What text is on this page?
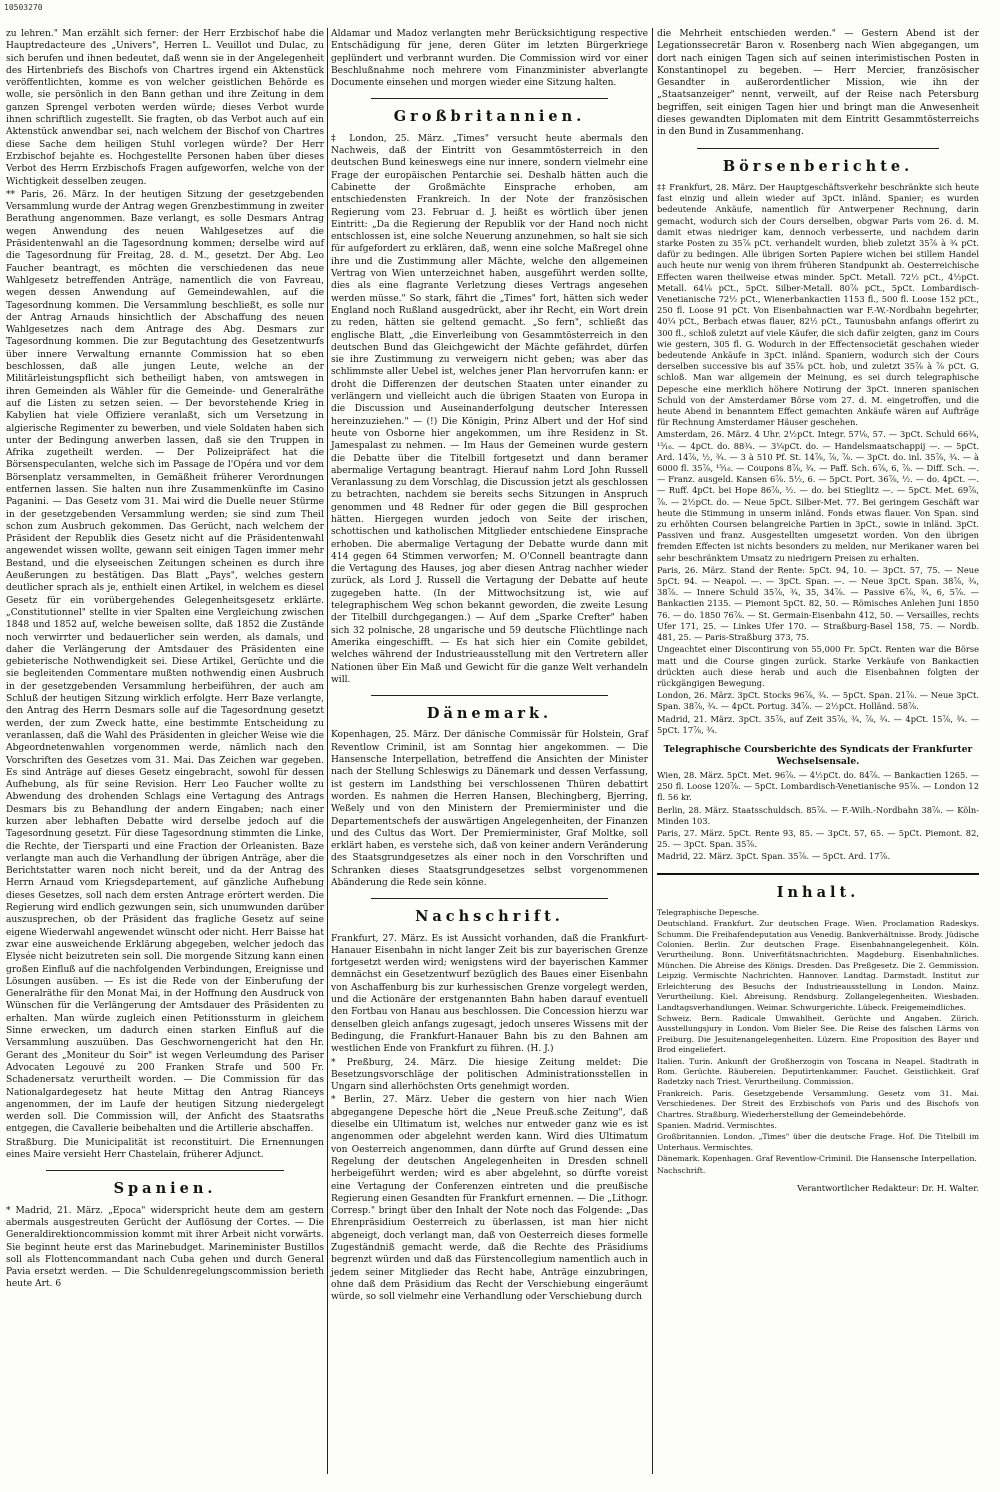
10503270

zu lehren." Man erzählt sich ferner: der Herr Erzbischof habe die Hauptredacteure des „Univers", Herren L. Veuillot und Dulac, zu sich berufen und ihnen bedeutet, daß wenn sie in der Angelegenheit des Hirtenbriefs des Bischofs von Chartres irgend ein Aktenstück veröffentlichten, komme es von welcher geistlichen Behörde es wolle, sie persönlich in den Bann gethan und ihre Zeitung in dem ganzen Sprengel verboten werden würde; dieses Verbot wurde ihnen schriftlich zugestellt. Sie fragten, ob das Verbot auch auf ein Aktenstück anwendbar sei, nach welchem der Bischof von Chartres diese Sache dem heiligen Stuhl vorlegen würde? Der Herr Erzbischof bejahte es. Hochgestellte Personen haben über dieses Verbot des Herrn Erzbischofs Fragen aufgeworfen, welche von der Wichtigkeit desselben zeugen.

** Paris, 26. März. In der heutigen Sitzung der gesetzgebenden Versammlung wurde der Antrag wegen Grenzbestimmung in zweiter Berathung angenommen. Baze verlangt, es solle Desmars Antrag wegen Anwendung des neuen Wahlgesetzes auf die Präsidentenwahl an die Tagesordnung kommen; derselbe wird auf die Tagesordnung für Freitag, 28. d. M., gesetzt. Der Abg. Leo Faucher beantragt, es möchten die verschiedenen das neue Wahlgesetz betreffenden Anträge, namentlich die von Favreau, wegen dessen Anwendung auf Gemeindewahlen, auf die Tagesordnung kommen. Die Versammlung beschließt, es solle nur der Antrag Arnauds hinsichtlich der Abschaffung des neuen Wahlgesetzes nach dem Antrage des Abg. Desmars zur Tagesordnung kommen. Die zur Begutachtung des Gesetzentwurfs über innere Verwaltung ernannte Commission hat so eben beschlossen, daß alle jungen Leute, welche an der Militärleistungspflicht sich betheiligt haben, von amtswegen in ihren Gemeinden als Wähler für die Gemeinde- und Generalräthe auf die Listen zu setzen seien. — Der bevorstehende Krieg in Kabylien hat viele Offiziere veranlaßt, sich um Versetzung in algierische Regimenter zu bewerben, und viele Soldaten haben sich unter der Bedingung anwerben lassen, daß sie den Truppen in Afrika zugetheilt werden. — Der Polizeipräfect hat die Börsenspeculanten, welche sich im Passage de l'Opéra und vor dem Börsenplatz versammelten, in Gemäßheit früherer Verordnungen entfernen lassen. Sie halten nun ihre Zusammenkünfte im Casino Paganini. — Das Gesetz vom 31. Mai wird die Duelle neuer Stürme in der gesetzgebenden Versammlung werden; sie sind zum Theil schon zum Ausbruch gekommen. Das Gerücht, nach welchem der Präsident der Republik dies Gesetz nicht auf die Präsidentenwahl angewendet wissen wollte, gewann seit einigen Tagen immer mehr Bestand, und die elyseeischen Zeitungen scheinen es durch ihre Aeußerungen zu bestätigen. Das Blatt „Pays", welches gestern deutlicher sprach als je, enthielt einen Artikel, in welchem es diesel Gesetz für ein vorübergehendes Gelegenheitsgesetz erklärte. „Constitutionnel" stellte in vier Spalten eine Vergleichung zwischen 1848 und 1852 auf, welche beweisen sollte, daß 1852 die Zustände noch verwirrter und bedauerlicher sein werden, als damals, und daher die Verlängerung der Amtsdauer des Präsidenten eine gebieterische Nothwendigkeit sei. Diese Artikel, Gerüchte und die sie begleitenden Commentare mußten nothwendig einen Ausbruch in der gesetzgebenden Versammlung herbeiführen, der auch am Schluß der heutigen Sitzung wirklich erfolgte. Herr Baze verlangte, den Antrag des Herrn Desmars solle auf die Tagesordnung gesetzt werden, der zum Zweck hatte, eine bestimmte Entscheidung zu veranlassen, daß die Wahl des Präsidenten in gleicher Weise wie die Abgeordnetenwahlen vorgenommen werde, nämlich nach den Vorschriften des Gesetzes vom 31. Mai. Das Zeichen war gegeben. Es sind Anträge auf dieses Gesetz eingebracht, sowohl für dessen Aufhebung, als für seine Revision. Herr Leo Faucher wollte zu Abwendung des drohenden Schlags eine Vertagung des Antrags Desmars bis zu Behandlung der andern Eingaben; nach einer kurzen aber lebhaften Debatte wird derselbe jedoch auf die Tagesordnung gesetzt. Für diese Tagesordnung stimmten die Linke, die Rechte, der Tiersparti und eine Fraction der Orleanisten. Baze verlangte man auch die Verhandlung der übrigen Anträge, aber die Berichtstatter waren noch nicht bereit, und da der Antrag des Herrn Arnaud vom Kriegsdepartement, auf gänzliche Aufhebung dieses Gesetzes, soll nach dem ersten Antrage erörtert werden. Die Regierung wird endlich gezwungen sein, sich unumwunden darüber auszusprechen, ob der Präsident das fragliche Gesetz auf seine eigene Wiederwahl angewendet wünscht oder nicht. Herr Baisse hat zwar eine ausweichende Erklärung abgegeben, welcher jedoch das Elysée nicht beizutreten sein soll. Die morgende Sitzung kann einen großen Einfluß auf die nachfolgenden Verbindungen, Ereignisse und Lösungen ausüben. — Es ist die Rede von der Einberufung der Generalräthe für den Monat Mai, in der Hoffnung den Ausdruck von Wünschen für die Verlängerung der Amtsdauer des Präsidenten zu erhalten. Man würde zugleich einen Petitionssturm in gleichem Sinne erwecken, um dadurch einen starken Einfluß auf die Versammlung auszuüben. Das Geschwornengericht hat den Hr. Gerant des „Moniteur du Soir" ist wegen Verleumdung des Pariser Advocaten Legouvé zu 200 Franken Strafe und 500 Fr. Schadenersatz verurtheilt worden. — Die Commission für das Nationalgardegesetz hat heute Mittag den Antrag Rianceys angenommen, der im Laufe der heutigen Sitzung niedergelegt werden soll. Die Commission will, der Anficht des Staatsraths entgegen, die Cavallerie beibehalten und die Artillerie abschaffen.

Straßburg. Die Municipalität ist reconstituirt. Die Ernennungen eines Maire versieht Herr Chastelain, früherer Adjunct.

Spanien.

* Madrid, 21. März. „Epoca" widerspricht heute dem am gestern abermals ausgestreuten Gerücht der Auflösung der Cortes. — Die Generaldirektioncommission kommt mit ihrer Arbeit nicht vorwärts. Sie beginnt heute erst das Marinebudget. Marineminister Bustillos soll als Flottencommandant nach Cuba gehen und durch General Pavia ersetzt werden. — Die Schuldenregelungscommission berieth heute Art. 6

Aldamar und Madoz verlangten mehr Berücksichtigung respective Entschädigung für jene, deren Güter im letzten Bürgerkriege geplündert und verbrannt wurden. Die Commission wird vor einer Beschlußnahme noch mehrere vom Finanzminister abverlangte Documente einsehen und morgen wieder eine Sitzung halten.

Großbritannien.

‡ London, 25. März. „Times" versucht heute abermals den Nachweis, daß der Eintritt von Gesammtösterreich in den deutschen Bund keineswegs eine nur innere, sondern vielmehr eine Frage der europäischen Pentarchie sei. Deshalb hätten auch die Cabinette der Großmächte Einsprache erhoben, am entschiedensten Frankreich. In der Note der französischen Regierung vom 23. Februar d. J. heißt es wörtlich über jenen Eintritt: „Da die Regierung der Republik vor der Hand noch nicht entschlossen ist, eine solche Neuerung anzunehmen, so halt sie sich für aufgefordert zu erklären, daß, wenn eine solche Maßregel ohne ihre und die Zustimmung aller Mächte, welche den allgemeinen Vertrag von Wien unterzeichnet haben, ausgeführt werden sollte, dies als eine flagrante Verletzung dieses Vertrags angesehen werden müsse." So stark, fährt die „Times" fort, hätten sich weder England noch Rußland ausgedrückt, aber ihr Recht, ein Wort drein zu reden, hätten sie geltend gemacht. „So fern", schließt das englische Blatt, „die Einverleibung von Gesammtösterreich in den deutschen Bund das Gleichgewicht der Mächte gefährdet, dürfen sie ihre Zustimmung zu verweigern nicht geben; was aber das schlimmste aller Uebel ist, welches jener Plan hervorrufen kann: er droht die Differenzen der deutschen Staaten unter einander zu verlängern und vielleicht auch die übrigen Staaten von Europa in die Discussion und Auseinanderfolgung deutscher Interessen hereinzuziehen." — (!) Die Königin, Prinz Albert und der Hof sind heute von Osborne hier angekommen, um ihre Residenz in St. Jamespalast zu nehmen. — Im Haus der Gemeinen wurde gestern die Debatte über die Titelbill fortgesetzt und dann beramer abermalige Vertagung beantragt. Hierauf nahm Lord John Russell Veranlassung zu dem Vorschlag, die Discussion jetzt als geschlossen zu betrachten, nachdem sie bereits sechs Sitzungen in Anspruch genommen und 48 Redner für oder gegen die Bill gesprochen hätten. Hiergegen wurden jedoch von Seite der irischen, schottischen und katholischen Mitglieder entschiedene Einsprache erhoben. Die abermalige Vertagung der Debatte wurde dann mit 414 gegen 64 Stimmen verworfen; M. O'Connell beantragte dann die Vertagung des Hauses, jog aber diesen Antrag nachher wieder zurück, als Lord J. Russell die Vertagung der Debatte auf heute zugegeben hatte. (In der Mittwochsitzung ist, wie auf telegraphischem Weg schon bekannt geworden, die zweite Lesung der Titelbill durchgegangen.) — Auf dem „Sparke Crefter" haben sich 32 polnische, 28 ungarische und 59 deutsche Flüchtlinge nach Amerika eingeschifft. — Es hat sich hier ein Comite gebildet, welches während der Industrieausstellung mit den Vertretern aller Nationen über Ein Maß und Gewicht für die ganze Welt verhandeln will.

Dänemark.

Kopenhagen, 25. März. Der dänische Commissär für Holstein, Graf Reventlow Criminil, ist am Sonntag hier angekommen. — Die Hansensche Interpellation, betreffend die Ansichten der Minister nach der Stellung Schleswigs zu Dänemark und dessen Verfassung, ist gestern im Landsthing bei verschlossenen Thüren debattirt worden. Es nahmen die Herren Hansen, Blechingberg, Bjerring, Weßely und von den Ministern der Premierminister und die Departementschefs der auswärtigen Angelegenheiten, der Finanzen und des Cultus das Wort. Der Premierminister, Graf Moltke, soll erklärt haben, es verstehe sich, daß von keiner andern Veränderung des Staatsgrundgesetzes als einer noch in den Vorschriften und Schranken dieses Staatsgrundgesetzes selbst vorgenommenen Abänderung die Rede sein könne.

Nachschrift.

Frankfurt, 27. März. Es ist Aussicht vorhanden, daß die Frankfurt-Hanauer Eisenbahn in nicht langer Zeit bis zur bayerischen Grenze fortgesetzt werden wird; wenigstens wird der bayerischen Kammer demnächst ein Gesetzentwurf bezüglich des Baues einer Eisenbahn von Aschaffenburg bis zur kurhessischen Grenze vorgelegt werden, und die Actionäre der erstgenannten Bahn haben darauf eventuell den Fortbau von Hanau aus beschlossen. Die Concession hierzu war denselben gleich anfangs zugesagt, jedoch unseres Wissens mit der Bedingung, die Frankfurt-Hanauer Bahn bis zu den Bahnen am westlichen Ende von Frankfurt zu führen. (H. J.)

* Preßburg, 24. März. Die hiesige Zeitung meldet: Die Besetzungsvorschläge der politischen Administrationsstellen in Ungarn sind allerhöchsten Orts genehmigt worden.

* Berlin, 27. März. Ueber die gestern von hier nach Wien abgegangene Depesche hört die „Neue Preuß.sche Zeitung", daß dieselbe ein Ultimatum ist, welches nur entweder ganz wie es ist angenommen oder abgelehnt werden kann. Wird dies Ultimatum von Oesterreich angenommen, dann dürfte auf Grund dessen eine Regelung der deutschen Angelegenheiten in Dresden schnell herbeigeführt werden; wird es aber abgelehnt, so dürfte voreist eine Vertagung der Conferenzen eintreten und die preußische Regierung einen Gesandten für Frankfurt ernennen. — Die „Lithogr. Corresp." bringt über den Inhalt der Note noch das Folgende: „Das Ehrenpräsidium Oesterreich zu überlassen, ist man hier nicht abgeneigt, doch verlangt man, daß von Oesterreich dieses formelle Zugeständniß gemacht werde, daß die Rechte des Präsidiums begrenzt würden und daß das Fürstencollegium namentlich auch in jedem seiner Mitglieder das Recht habe, Anträge einzubringen, ohne daß dem Präsidium das Recht der Verschiebung eingeräumt würde, so soll vielmehr eine Verhandlung oder Verschiebung durch

die Mehrheit entschieden werden." — Gestern Abend ist der Legationssecretär Baron v. Rosenberg nach Wien abgegangen, um dort nach einigen Tagen sich auf seinen interimistischen Posten in Konstantinopel zu begeben. — Herr Mercier, französischer Gesandter in außerordentlicher Mission, wie ihn der „Staatsanzeiger" nennt, verweilt, auf der Reise nach Petersburg begriffen, seit einigen Tagen hier und bringt man die Anwesenheit dieses gewandten Diplomaten mit dem Eintritt Gesammtösterreichs in den Bund in Zusammenhang.

Börsenberichte.

‡‡ Frankfurt, 28. März. Der Hauptgeschäftsverkehr beschränkte sich heute fast einzig und allein wieder auf 3pCt. inländ. Spanier; es wurden bedeutende Ankäufe, namentlich für Antwerpener Rechnung, darin gemacht, wodurch sich der Cours derselben, obgwar Paris vom 26. d. M. damit etwas niedriger kam, dennoch verbesserte, und nachdem darin starke Posten zu 35⅞ pCt. verhandelt wurden, blieb zuletzt 35⅞ à ¾ pCt. dafür zu bedingen. Alle übrigen Sorten Papiere wichen bei stillem Handel auch heute nur wenig von ihrem früheren Standpunkt ab. Oesterreichische Effecten waren theilweise etwas minder. 5pCt. Metall. 72½ pCt., 4½pCt. Metall. 64⅛ pCt., 5pCt. Silber-Metall. 80⅞ pCt., 5pCt. Lombardisch-Venetianische 72½ pCt., Wienerbankactien 1153 fl., 500 fl. Loose 152 pCt., 250 fl. Loose 91 pCt. Von Eisenbahnactien war F.-W.-Nordbahn begehrter, 40¼ pCt., Berbach etwas flauer, 82½ pCt., Taunusbahn anfangs offerirt zu 300 fl., schloß zuletzt auf viele Käufer, die sich dafür zeigten, ganz im Cours wie gestern, 305 fl. G. Wodurch in der Effectensocietät geschahen wieder bedeutende Ankäufe in 3pCt. inländ. Spaniern, wodurch sich der Cours derselben successive bis auf 35⅞ pCt. hob, und zuletzt 35⅞ à ⅞ pCt. G. schloß. Man war allgemein der Meinung, es sei durch telegraphische Depesche eine merklich höhere Notirung der 3pCt. inneren spanischen Schuld von der Amsterdamer Börse vom 27. d. M. eingetroffen, und die heute Abend in benanntem Effect gemachten Ankäufe wären auf Aufträge für Rechnung Amsterdamer Häuser geschehen.

Amsterdam, 26. März. 4 Uhr. 2½pCt. Integr. 57⅛, 57. — 3pCt. Schuld 66¾, ¹⁵⁄₁₆. — 4pCt. do. 88¾. — 3¼pCt. do. — Handelsmaatschappij —. — 5pCt. Ard. 14⅞, ½, ¾. — 3 à 510 Pf. St. 14⅞, ⅞, ⅞. — 3pCt. do. inl. 35⅞, ¾. — à 6000 fl. 35⅞, ¹⁵⁄₁₆. — Coupons 8⅞, ¾. — Paff. Sch. 6⅞, 6, ⅞. — Diff. Sch. —. — Franz. ausgeld. Kansen 6⅞. 5½, 6. — 5pCt. Port. 36⅞, ½. — do. 4pCt. —. — Ruff. 4pCt. bei Hope 86⅞, ½. — do. bei Stieglitz —. — 5pCt. Met. 69⅞, ⅞. — 2½pCt. do. — Neue 5pCt. Silber-Met. 77. Bei geringem Geschäft war heute die Stimmung in unserm inländ. Fonds etwas flauer. Von Span. sind zu erhöhten Coursen belangreiche Partien in 3pCt., sowie in inländ. 3pCt. Passiven und franz. Ausgestellten umgesetzt worden. Von den übrigen fremden Effecten ist nichts besonders zu melden, nur Merikaner waren bei sehr beschränktem Umsatz zu niedrigern Preisen zu erhalten.

Paris, 26. März. Stand der Rente: 5pCt. 94, 10. — 3pCt. 57, 75. — Neue 5pCt. 94. — Neapol. —. — 3pCt. Span. —. — Neue 3pCt. Span. 38⅞, ¾, 38⅞. — Innere Schuld 35⅞, ¾, 35, 34⅞. — Passive 6⅞, ¾, 6, 5⅞. — Bankactien 2135. — Piemont 5pCt. 82, 50. — Römisches Anlehen Juni 1850 76. — do. 1850 76⅞. — St. Germain-Eisenbahn 412, 50. — Versailles, rechts Ufer 171, 25. — Linkes Ufer 170. — Straßburg-Basel 158, 75. — Nordb. 481, 25. — Paris-Straßburg 373, 75.

Ungeachtet einer Discontirung von 55,000 Fr. 5pCt. Renten war die Börse matt und die Course gingen zurück. Starke Verkäufe von Bankactien drückten auch diese herab und auch die Eisenbahnen folgten der rückgängigen Bewegung.

London, 26. März. 3pCt. Stocks 96⅞, ¾. — 5pCt. Span. 21⅞. — Neue 3pCt. Span. 38⅞, ¾. — 4pCt. Portug. 34⅞. — 2½pCt. Holländ. 58⅞.

Madrid, 21. März. 3pCt. 35⅞, auf Zeit 35⅞, ¾, ⅞, ¾. — 4pCt. 15⅞, ¾. — 5pCt. 17⅞, ¾.

Telegraphische Coursberichte des Syndicats der Frankfurter Wechselsensale.

Wien, 28. März. 5pCt. Met. 96⅞. — 4½pCt. do. 84⅞. — Bankactien 1265. — 250 fl. Loose 120⅞. — 5pCt. Lombardisch-Venetianische 95⅞. — London 12 fl. 56 kr.

Berlin, 28. März. Staatsschuldsch. 85⅞. — F.-Wilh.-Nordbahn 38⅞. — Köln-Minden 103.

Paris, 27. März. 5pCt. Rente 93, 85. — 3pCt. 57, 65. — 5pCt. Piemont. 82, 25. — 3pCt. Span. 35⅞.

Madrid, 22. März. 3pCt. Span. 35⅞. — 5pCt. Ard. 17⅞.

Inhalt.

Telegraphische Depesche.

Deutschland. Frankfurt. Zur deutschen Frage. Wien. Proclamation Radeskys. Schumm. Die Freihafendeputation aus Venedig. Bankverhältnisse. Brody. Jüdische Colonien. Berlin. Zur deutschen Frage. Eisenbahnangelegenheit. Köln. Verurtheilung. Bonn. Univerfitätsnachrichten. Magdeburg. Eisenbahnliches. München. Die Abreise des Königs. Dresden. Das Preßgesetz. Die 2. Gemmission. Leipzig. Vermischte Nachrichten. Hannover. Landtag. Darmstadt. Institut zur Erleichterung des Besuchs der Industrieausstellung in London. Mainz. Verurtheilung. Kiel. Abreisung. Rendsburg. Zollangelegenheiten. Wiesbaden. Landtagsverhandlungen. Weimar. Schwurgerichte. Lübeck. Freigemeindliches.

Schweiz. Bern. Radicale Umwahlheit. Gerüchte und Angaben. Zürich. Ausstellungsjury in London. Vom Bieler See. Die Reise des falschen Lärms von Freiburg. Die Jesuitenangelegenheiten. Lüzern. Eine Proposition des Bayer und Brod eingeliefert.

Italien. Turin. Ankunft der Großherzogin von Toscana in Neapel. Stadtrath in Rom. Gerüchte. Räubereien. Deputirtenkammer. Fauchet. Geistlichkeit. Graf Radetzky nach Triest. Verurtheilung. Commission.

Frankreich. Paris. Gesetzgebende Versammlung. Gesetz vom 31. Mai. Verschiedenes. Der Streit des Erzbischofs von Paris und des Bischofs von Chartres. Straßburg. Wiederherstellung der Gemeindebehörde.

Spanien. Madrid. Vermischtes.

Großbritannien. London. „Times" über die deutsche Frage. Hof. Die Titelbill im Unterhaus. Vermischtes.

Dänemark. Kopenhagen. Graf Reventlow-Criminil. Die Hansensche Interpellation.

Nachschrift.

Verantwortlicher Redakteur: Dr. H. Walter.
